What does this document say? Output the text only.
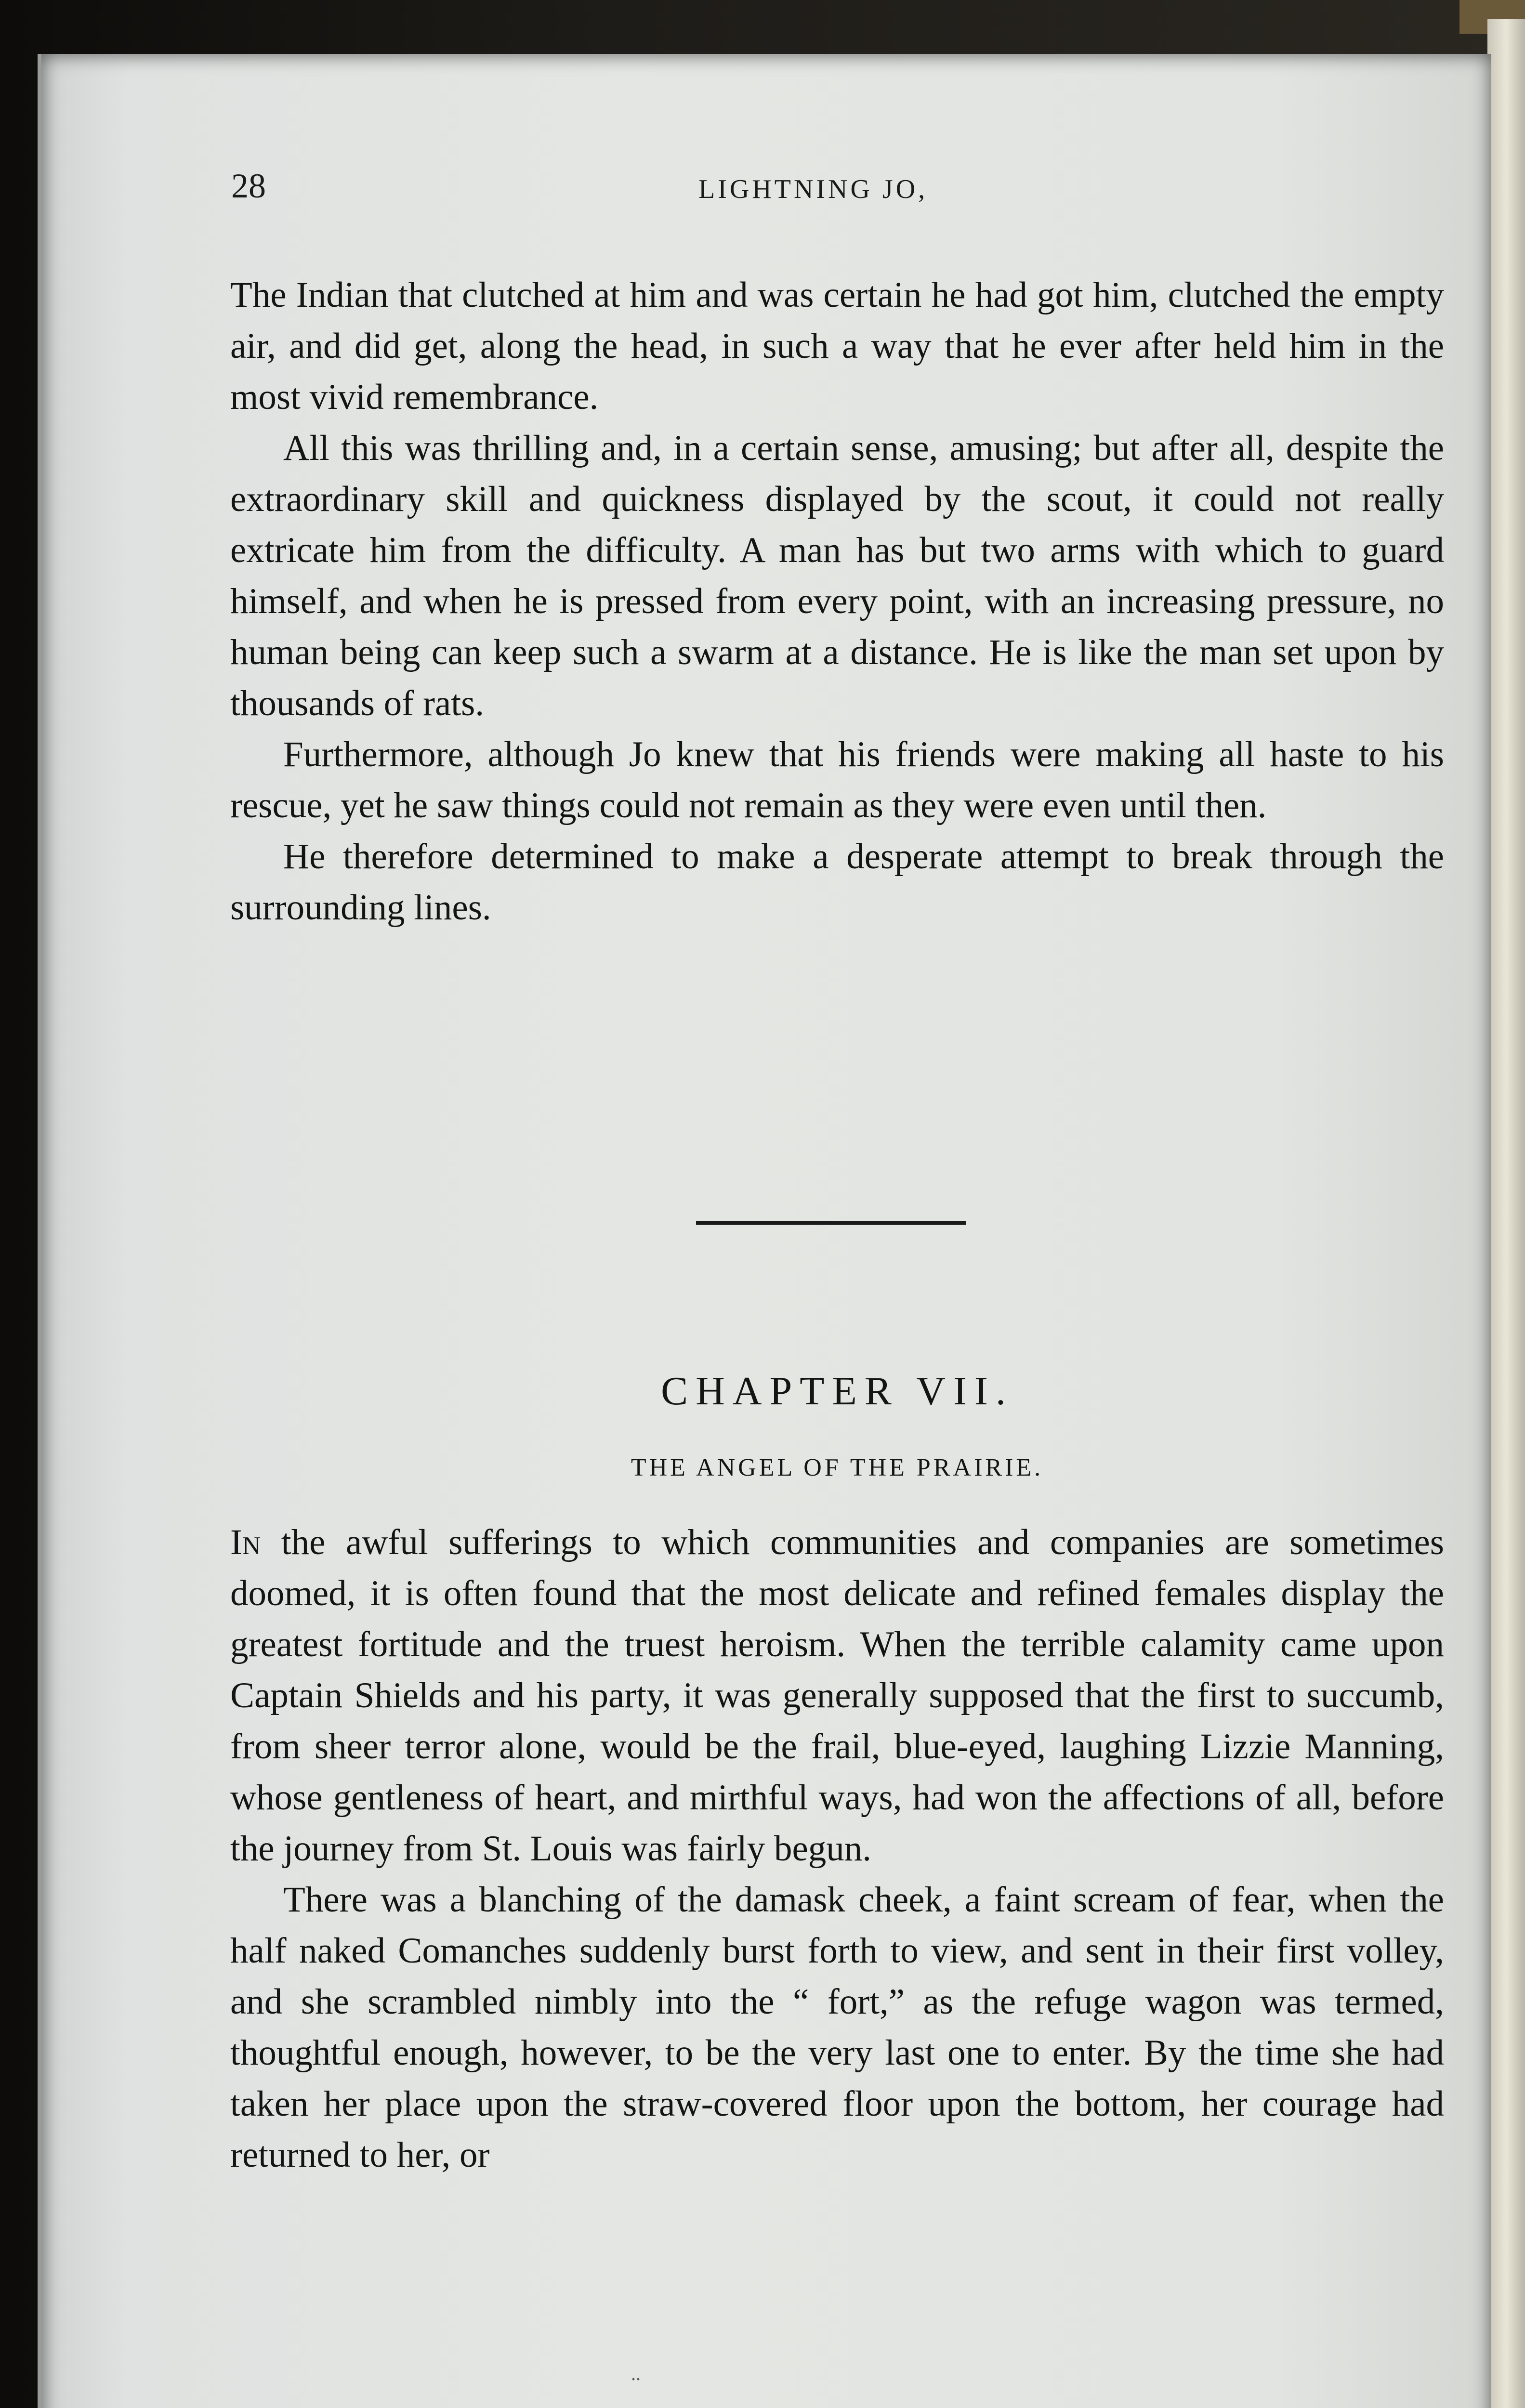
28	LIGHTNING JO,

The Indian that clutched at him and was certain he had got him, clutched the empty air, and did get, along the head, in such a way that he ever after held him in the most vivid remembrance.

All this was thrilling and, in a certain sense, amusing; but after all, despite the extraordinary skill and quickness displayed by the scout, it could not really extricate him from the difficulty. A man has but two arms with which to guard himself, and when he is pressed from every point, with an increasing pressure, no human being can keep such a swarm at a distance. He is like the man set upon by thousands of rats.

Furthermore, although Jo knew that his friends were making all haste to his rescue, yet he saw things could not remain as they were even until then.

He therefore determined to make a desperate attempt to break through the surrounding lines.

CHAPTER VII.
THE ANGEL OF THE PRAIRIE.

In the awful sufferings to which communities and companies are sometimes doomed, it is often found that the most delicate and refined females display the greatest fortitude and the truest heroism. When the terrible calamity came upon Captain Shields and his party, it was generally supposed that the first to succumb, from sheer terror alone, would be the frail, blue-eyed, laughing Lizzie Manning, whose gentleness of heart, and mirthful ways, had won the affections of all, before the journey from St. Louis was fairly begun.

There was a blanching of the damask cheek, a faint scream of fear, when the half naked Comanches suddenly burst forth to view, and sent in their first volley, and she scrambled nimbly into the “ fort,” as the refuge wagon was termed, thoughtful enough, however, to be the very last one to enter. By the time she had taken her place upon the straw-covered floor upon the bottom, her courage had returned to her, or

..
